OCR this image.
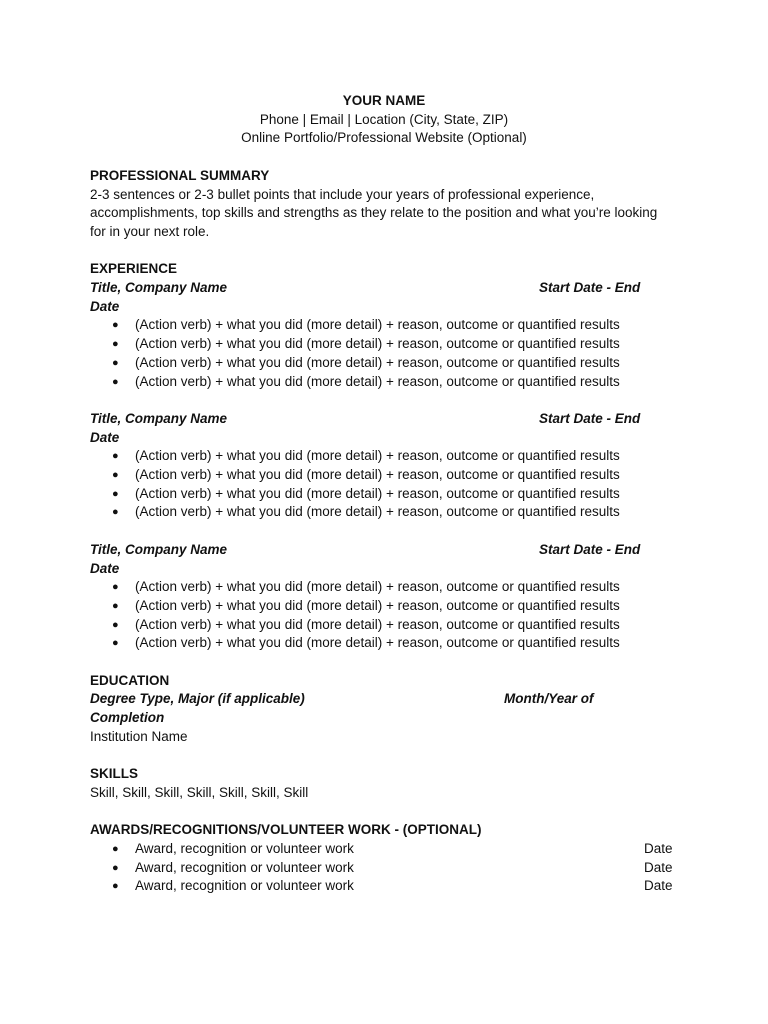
YOUR NAME
Phone | Email | Location (City, State, ZIP)
Online Portfolio/Professional Website (Optional)
PROFESSIONAL SUMMARY
2-3 sentences or 2-3 bullet points that include your years of professional experience,
accomplishments, top skills and strengths as they relate to the position and what you’re looking
for in your next role.
EXPERIENCE
Title, Company Name	Start Date - End
Date
● (Action verb) + what you did (more detail) + reason, outcome or quantified results
● (Action verb) + what you did (more detail) + reason, outcome or quantified results
● (Action verb) + what you did (more detail) + reason, outcome or quantified results
● (Action verb) + what you did (more detail) + reason, outcome or quantified results
Title, Company Name	Start Date - End
Date
● (Action verb) + what you did (more detail) + reason, outcome or quantified results
● (Action verb) + what you did (more detail) + reason, outcome or quantified results
● (Action verb) + what you did (more detail) + reason, outcome or quantified results
● (Action verb) + what you did (more detail) + reason, outcome or quantified results
Title, Company Name	Start Date - End
Date
● (Action verb) + what you did (more detail) + reason, outcome or quantified results
● (Action verb) + what you did (more detail) + reason, outcome or quantified results
● (Action verb) + what you did (more detail) + reason, outcome or quantified results
● (Action verb) + what you did (more detail) + reason, outcome or quantified results
EDUCATION
Degree Type, Major (if applicable)	Month/Year of
Completion
Institution Name
SKILLS
Skill, Skill, Skill, Skill, Skill, Skill, Skill
AWARDS/RECOGNITIONS/VOLUNTEER WORK - (OPTIONAL)
● Award, recognition or volunteer work	Date
● Award, recognition or volunteer work	Date
● Award, recognition or volunteer work	Date
